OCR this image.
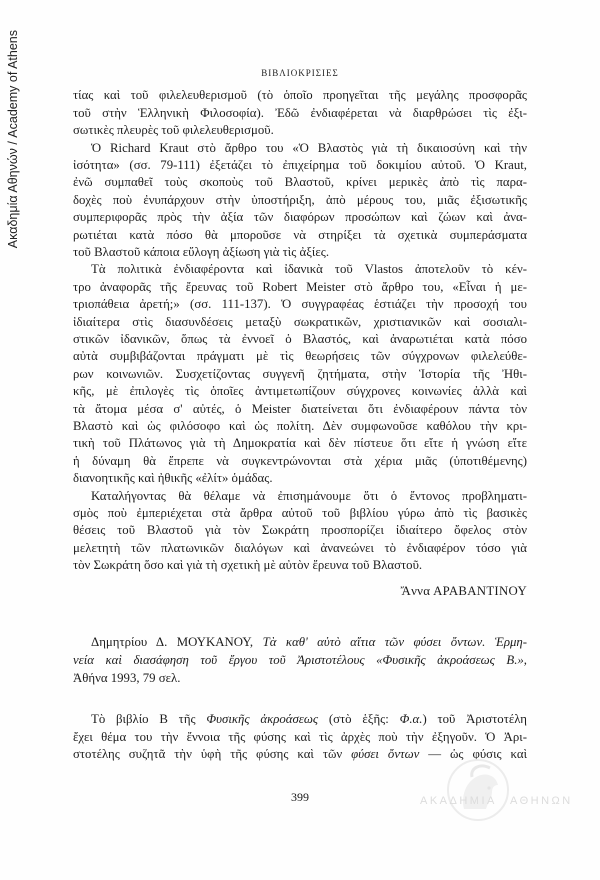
Ακαδημία Αθηνών / Academy of Athens	ΒΙΒΛΙΟΚΡΙΣΙΕΣ
τίας καὶ τοῦ φιλελευθερισμοῦ (τὸ ὁποῖο προηγεῖται τῆς μεγάλης προσφορᾶς
τοῦ στὴν Ἑλληνικὴ Φιλοσοφία). Ἐδῶ ἐνδιαφέρεται νὰ διαρθρώσει τὶς ἐξι-
σωτικὲς πλευρὲς τοῦ φιλελευθερισμοῦ.
Ὁ Richard Kraut στὸ ἄρθρο του «Ὁ Βλαστὸς γιὰ τὴ δικαιοσύνη καὶ τὴν
ἰσότητα» (σσ. 79-111) ἐξετάζει τὸ ἐπιχείρημα τοῦ δοκιμίου αὐτοῦ. Ὁ Kraut,
ἐνῶ συμπαθεῖ τοὺς σκοποὺς τοῦ Βλαστοῦ, κρίνει μερικὲς ἀπὸ τὶς παρα-
δοχὲς ποὺ ἐνυπάρχουν στὴν ὑποστήριξη, ἀπὸ μέρους του, μιᾶς ἐξισωτικῆς
συμπεριφορᾶς πρὸς τὴν ἀξία τῶν διαφόρων προσώπων καὶ ζώων καὶ ἀνα-
ρωτιέται κατὰ πόσο θὰ μποροῦσε νὰ στηρίξει τὰ σχετικὰ συμπεράσματα
τοῦ Βλαστοῦ κάποια εὔλογη ἀξίωση γιὰ τὶς ἀξίες.
Τὰ πολιτικὰ ἐνδιαφέροντα καὶ ἰδανικὰ τοῦ Vlastos ἀποτελοῦν τὸ κέν-
τρο ἀναφορᾶς τῆς ἔρευνας τοῦ Robert Meister στὸ ἄρθρο του, «Εἶναι ἡ με-
τριοπάθεια ἀρετή;» (σσ. 111-137). Ὁ συγγραφέας ἑστιάζει τὴν προσοχή του
ἰδιαίτερα στὶς διασυνδέσεις μεταξὺ σωκρατικῶν, χριστιανικῶν καὶ σοσιαλι-
στικῶν ἰδανικῶν, ὅπως τὰ ἐννοεῖ ὁ Βλαστός, καὶ ἀναρωτιέται κατὰ πόσο
αὐτὰ συμβιβάζονται πράγματι μὲ τὶς θεωρήσεις τῶν σύγχρονων φιλελεύθε-
ρων κοινωνιῶν. Συσχετίζοντας συγγενῆ ζητήματα, στὴν Ἱστορία τῆς Ἠθι-
κῆς, μὲ ἐπιλογὲς τὶς ὁποῖες ἀντιμετωπίζουν σύγχρονες κοινωνίες ἀλλὰ καὶ
τὰ ἄτομα μέσα σ' αὐτές, ὁ Meister διατείνεται ὅτι ἐνδιαφέρουν πάντα τὸν
Βλαστὸ καὶ ὡς φιλόσοφο καὶ ὡς πολίτη. Δὲν συμφωνοῦσε καθόλου τὴν κρι-
τικὴ τοῦ Πλάτωνος γιὰ τὴ Δημοκρατία καὶ δὲν πίστευε ὅτι εἴτε ἡ γνώση εἴτε
ἡ δύναμη θὰ ἔπρεπε νὰ συγκεντρώνονται στὰ χέρια μιᾶς (ὑποτιθέμενης)
διανοητικῆς καὶ ἠθικῆς «ἐλίτ» ὁμάδας.
Καταλήγοντας θὰ θέλαμε νὰ ἐπισημάνουμε ὅτι ὁ ἔντονος προβληματι-
σμὸς ποὺ ἐμπεριέχεται στὰ ἄρθρα αὐτοῦ τοῦ βιβλίου γύρω ἀπὸ τὶς βασικὲς
θέσεις τοῦ Βλαστοῦ γιὰ τὸν Σωκράτη προσπορίζει ἰδιαίτερο ὄφελος στὸν
μελετητὴ τῶν πλατωνικῶν διαλόγων καὶ ἀνανεώνει τὸ ἐνδιαφέρον τόσο γιὰ
τὸν Σωκράτη ὅσο καὶ γιὰ τὴ σχετικὴ μὲ αὐτὸν ἔρευνα τοῦ Βλαστοῦ.
Ἄννα ΑΡΑΒΑΝΤΙΝΟΥ
Δημητρίου Δ. ΜΟΥΚΑΝΟΥ, Τὰ καθ' αὑτὸ αἴτια τῶν φύσει ὄντων. Ἑρμη-
νεία καὶ διασάφηση τοῦ ἔργου τοῦ Ἀριστοτέλους «Φυσικῆς ἀκροάσεως Β.»,
Ἀθήνα 1993, 79 σελ.
Τὸ βιβλίο Β τῆς Φυσικῆς ἀκροάσεως (στὸ ἑξῆς: Φ.α.) τοῦ Ἀριστοτέλη
ἔχει θέμα του τὴν ἔννοια τῆς φύσης καὶ τὶς ἀρχὲς ποὺ τὴν ἐξηγοῦν. Ὁ Ἀρι-
στοτέλης συζητᾶ τὴν ὑφὴ τῆς φύσης καὶ τῶν φύσει ὄντων — ὡς φύσις καὶ
399	ΑΚΑΔΗΜΙΑ ΑΘΗΝΩΝ
